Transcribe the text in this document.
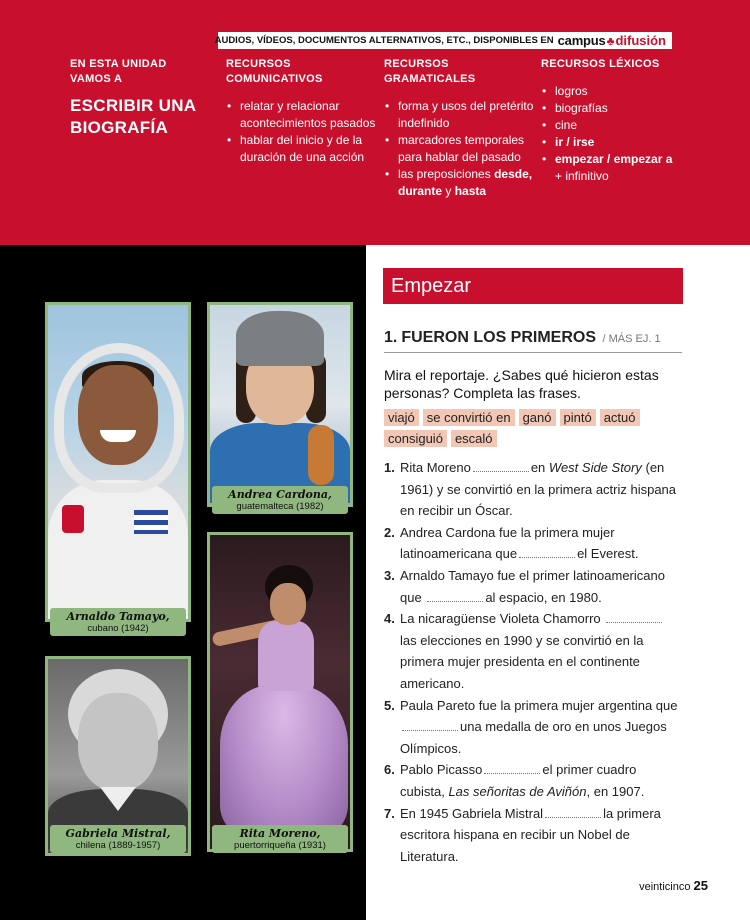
AUDIOS, VÍDEOS, DOCUMENTOS ALTERNATIVOS, ETC., DISPONIBLES EN campus ♣ difusión
EN ESTA UNIDAD VAMOS A
ESCRIBIR UNA BIOGRAFÍA
RECURSOS COMUNICATIVOS
• relatar y relacionar acontecimientos pasados
• hablar del inicio y de la duración de una acción
RECURSOS GRAMATICALES
• forma y usos del pretérito indefinido
• marcadores temporales para hablar del pasado
• las preposiciones desde, durante y hasta
RECURSOS LÉXICOS
• logros
• biografías
• cine
• ir / irse
• empezar / empezar a
+ infinitivo
Arnaldo Tamayo,
cubano (1942)
Andrea Cardona,
guatemalteca (1982)
Gabriela Mistral,
chilena (1889-1957)
Rita Moreno,
puertorriqueña (1931)
Empezar
1. FUERON LOS PRIMEROS / MÁS EJ. 1
Mira el reportaje. ¿Sabes qué hicieron estas personas? Completa las frases.
viajó se convirtió en ganó pintó actuó
consiguió escaló
1. Rita Moreno	en West Side Story (en 1961) y se convirtió en la primera actriz hispana en recibir un Óscar.
2. Andrea Cardona fue la primera mujer latinoamericana que	el Everest.
3. Arnaldo Tamayo fue el primer latinoamericano que	al espacio, en 1980.
4. La nicaragüense Violeta Chamorro  las elecciones en 1990 y se convirtió en la primera mujer presidenta en el continente americano.
5. Paula Pareto fue la primera mujer argentina que una medalla de oro en unos Juegos Olímpicos.
6. Pablo Picasso	el primer cuadro cubista, Las señoritas de Aviñón, en 1907.
7. En 1945 Gabriela Mistral	la primera escritora hispana en recibir un Nobel de Literatura.
veinticinco 25
